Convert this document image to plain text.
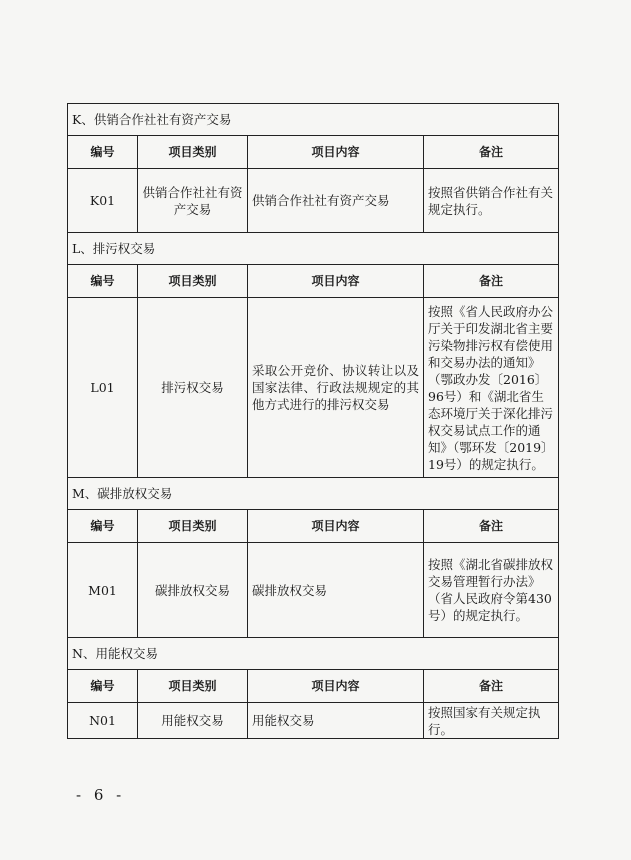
K、供销合作社社有资产交易			
编号	项目类别	项目内容	备注
K01	供销合作社社有资产交易	供销合作社社有资产交易	按照省供销合作社有关规定执行。
L、排污权交易			
编号	项目类别	项目内容	备注
L01	排污权交易	采取公开竞价、协议转让以及国家法律、行政法规规定的其他方式进行的排污权交易	按照《省人民政府办公厅关于印发湖北省主要污染物排污权有偿使用和交易办法的通知》（鄂政办发〔2016〕96号）和《湖北省生态环境厅关于深化排污权交易试点工作的通知》（鄂环发〔2019〕19号）的规定执行。
M、碳排放权交易			
编号	项目类别	项目内容	备注
M01	碳排放权交易	碳排放权交易	按照《湖北省碳排放权交易管理暂行办法》（省人民政府令第430号）的规定执行。
N、用能权交易			
编号	项目类别	项目内容	备注
N01	用能权交易	用能权交易	按照国家有关规定执行。
- 6 -
